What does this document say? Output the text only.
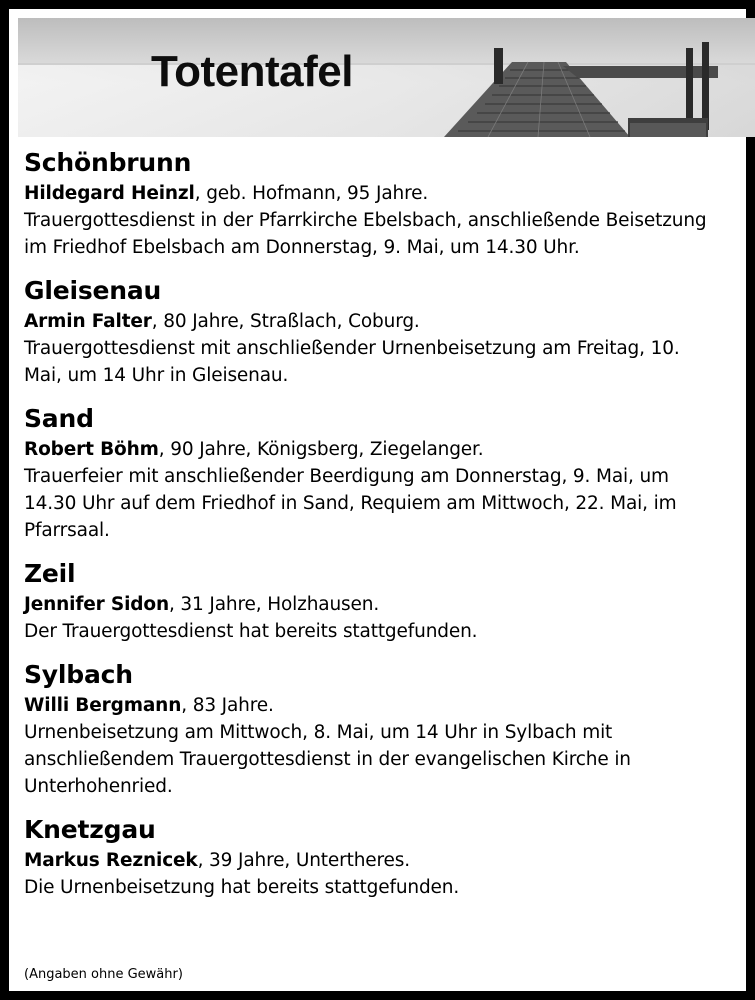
Totentafel

Schönbrunn

Hildegard Heinzl, geb. Hofmann, 95 Jahre.

Trauergottesdienst in der Pfarrkirche Ebelsbach, anschließende Beisetzung

im Friedhof Ebelsbach am Donnerstag, 9. Mai, um 14.30 Uhr.

Gleisenau

Armin Falter, 80 Jahre, Straßlach, Coburg.

Trauergottesdienst mit anschließender Urnenbeisetzung am Freitag, 10.

Mai, um 14 Uhr in Gleisenau.

Sand

Robert Böhm, 90 Jahre, Königsberg, Ziegelanger.

Trauerfeier mit anschließender Beerdigung am Donnerstag, 9. Mai, um

14.30 Uhr auf dem Friedhof in Sand, Requiem am Mittwoch, 22. Mai, im

Pfarrsaal.

Zeil

Jennifer Sidon, 31 Jahre, Holzhausen.

Der Trauergottesdienst hat bereits stattgefunden.

Sylbach

Willi Bergmann, 83 Jahre.

Urnenbeisetzung am Mittwoch, 8. Mai, um 14 Uhr in Sylbach mit

anschließendem Trauergottesdienst in der evangelischen Kirche in

Unterhohenried.

Knetzgau

Markus Reznicek, 39 Jahre, Untertheres.

Die Urnenbeisetzung hat bereits stattgefunden.

(Angaben ohne Gewähr)
